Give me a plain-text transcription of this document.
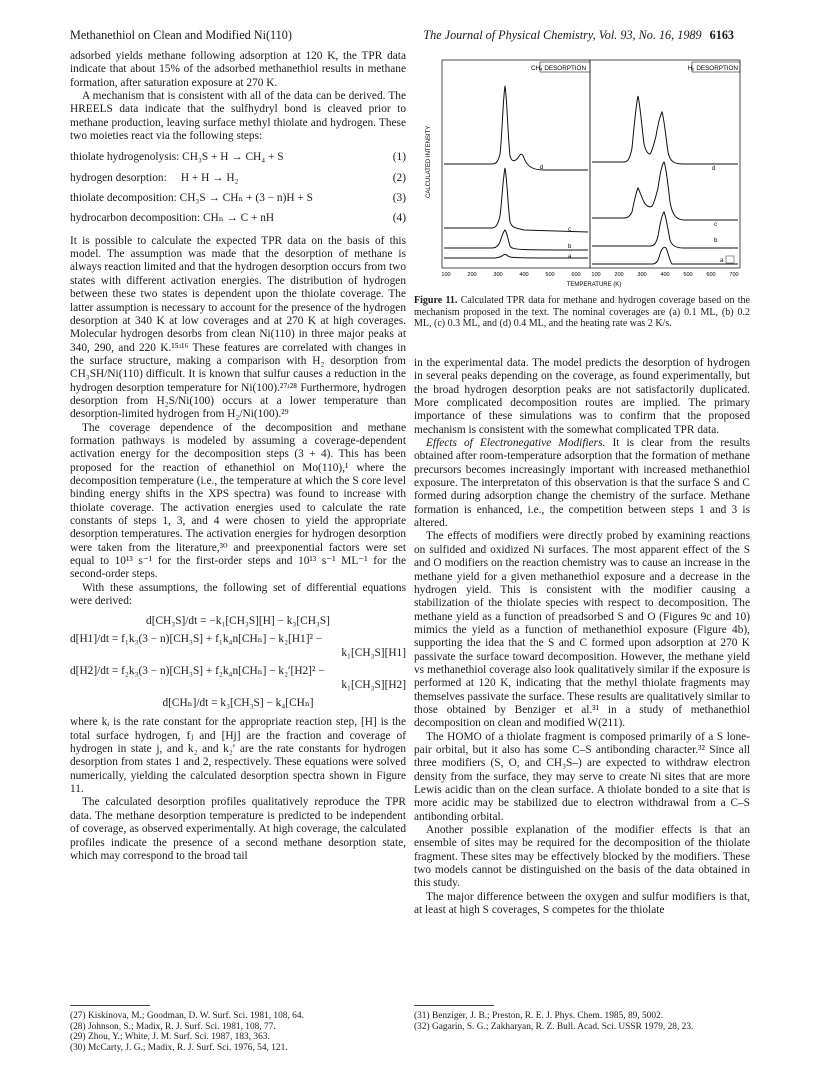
Methanethiol on Clean and Modified Ni(110)	The Journal of Physical Chemistry, Vol. 93, No. 16, 1989 6163

adsorbed yields methane following adsorption at 120 K, the TPR data indicate that about 15% of the adsorbed methanethiol results in methane formation, after saturation exposure at 270 K.

A mechanism that is consistent with all of the data can be derived. The HREELS data indicate that the sulfhydryl bond is cleaved prior to methane production, leaving surface methyl thiolate and hydrogen. These two moieties react via the following steps:

thiolate hydrogenolysis: CH₃S + H → CH₄ + S	(1)
hydrogen desorption:  H + H → H₂	(2)
thiolate decomposition: CH₃S → CHₙ + (3 − n)H + S	(3)
hydrocarbon decomposition: CHₙ → C + nH	(4)

It is possible to calculate the expected TPR data on the basis of this model. The assumption was made that the desorption of methane is always reaction limited and that the hydrogen desorption occurs from two states with different activation energies. The distribution of hydrogen between these two states is dependent upon the thiolate coverage. The latter assumption is necessary to account for the presence of the hydrogen desorption at 340 K at low coverages and at 270 K at high coverages. Molecular hydrogen desorbs from clean Ni(110) in three major peaks at 340, 290, and 220 K.¹⁵ʴ¹⁶ These features are correlated with changes in the surface structure, making a comparison with H₂ desorption from CH₃SH/Ni(110) difficult. It is known that sulfur causes a reduction in the hydrogen desorption temperature for Ni(100).²⁷ʴ²⁸ Furthermore, hydrogen desorption from H₂S/Ni(100) occurs at a lower temperature than desorption-limited hydrogen from H₂/Ni(100).²⁹

The coverage dependence of the decomposition and methane formation pathways is modeled by assuming a coverage-dependent activation energy for the decomposition steps (3 + 4). This has been proposed for the reaction of ethanethiol on Mo(110),¹ where the decomposition temperature (i.e., the temperature at which the S core level binding energy shifts in the XPS spectra) was found to increase with thiolate coverage. The activation energies used to calculate the rate constants of steps 1, 3, and 4 were chosen to yield the appropriate desorption temperatures. The activation energies for hydrogen desorption were taken from the literature,³⁰ and preexponential factors were set equal to 10¹³ s⁻¹ for the first-order steps and 10¹³ s⁻¹ ML⁻¹ for the second-order steps.

With these assumptions, the following set of differential equations were derived:

d[CH₃S]/dt = −k₁[CH₃S][H] − k₃[CH₃S]
d[H1]/dt = f₁k₃(3 − n)[CH₃S] + f₁k₄n[CHₙ] − k₂[H1]² −
k₁[CH₃S][H1]
d[H2]/dt = f₂k₃(3 − n)[CH₃S] + f₂k₄n[CHₙ] − k₂′[H2]² −
k₁[CH₃S][H2]
d[CHₙ]/dt = k₃[CH₃S] − k₄[CHₙ]

where kᵢ is the rate constant for the appropriate reaction step, [H] is the total surface hydrogen, fⱼ and [Hj] are the fraction and coverage of hydrogen in state j, and k₂ and k₂′ are the rate constants for hydrogen desorption from states 1 and 2, respectively. These equations were solved numerically, yielding the calculated desorption spectra shown in Figure 11.

The calculated desorption profiles qualitatively reproduce the TPR data. The methane desorption temperature is predicted to be independent of coverage, as observed experimentally. At high coverage, the calculated profiles indicate the presence of a second methane desorption state, which may correspond to the broad tail

CH₄ DESORPTION	H₂ DESORPTION
CALCULATED INTENSITY	d
c
b
a
d
c
b
a
100	200	300	400	500	600 100 200 300 400 500 600 700
TEMPERATURE (K)
Figure 11. Calculated TPR data for methane and hydrogen coverage based on the mechanism proposed in the text. The nominal coverages are (a) 0.1 ML, (b) 0.2 ML, (c) 0.3 ML, and (d) 0.4 ML, and the heating rate was 2 K/s.

in the experimental data. The model predicts the desorption of hydrogen in several peaks depending on the coverage, as found experimentally, but the broad hydrogen desorption peaks are not satisfactorily duplicated. More complicated decomposition routes are implied. The primary importance of these simulations was to confirm that the proposed mechanism is consistent with the somewhat complicated TPR data.

Effects of Electronegative Modifiers. It is clear from the results obtained after room-temperature adsorption that the formation of methane precursors becomes increasingly important with increased methanethiol exposure. The interpretaton of this observation is that the surface S and C formed during adsorption change the chemistry of the surface. Methane formation is enhanced, i.e., the competition between steps 1 and 3 is altered.

The effects of modifiers were directly probed by examining reactions on sulfided and oxidized Ni surfaces. The most apparent effect of the S and O modifiers on the reaction chemistry was to cause an increase in the methane yield for a given methanethiol exposure and a decrease in the hydrogen yield. This is consistent with the modifier causing a stabilization of the thiolate species with respect to decomposition. The methane yield as a function of preadsorbed S and O (Figures 9c and 10) mimics the yield as a function of methanethiol exposure (Figure 4b), supporting the idea that the S and C formed upon adsorption at 270 K passivate the surface toward decomposition. However, the methane yield vs methanethiol coverage also look qualitatively similar if the exposure is performed at 120 K, indicating that the methyl thiolate fragments may themselves passivate the surface. These results are qualitatively similar to those obtained by Benziger et al.³¹ in a study of methanethiol decomposition on clean and modified W(211).

The HOMO of a thiolate fragment is composed primarily of a S lone-pair orbital, but it also has some C–S antibonding character.³² Since all three modifiers (S, O, and CH₃S–) are expected to withdraw electron density from the surface, they may serve to create Ni sites that are more Lewis acidic than on the clean surface. A thiolate bonded to a site that is more acidic may be stabilized due to electron withdrawal from a C–S antibonding orbital.

Another possible explanation of the modifier effects is that an ensemble of sites may be required for the decomposition of the thiolate fragment. These sites may be effectively blocked by the modifiers. These two models cannot be distinguished on the basis of the data obtained in this study.

The major difference between the oxygen and sulfur modifiers is that, at least at high S coverages, S competes for the thiolate

(27) Kiskinova, M.; Goodman, D. W. Surf. Sci. 1981, 108, 64.
(28) Johnson, S.; Madix, R. J. Surf. Sci. 1981, 108, 77.
(29) Zhou, Y.; White, J. M. Surf. Sci. 1987, 183, 363.
(30) McCarty, J. G.; Madix, R. J. Surf. Sci. 1976, 54, 121.
(31) Benziger, J. B.; Preston, R. E. J. Phys. Chem. 1985, 89, 5002.
(32) Gagarin, S. G.; Zakharyan, R. Z. Bull. Acad. Sci. USSR 1979, 28, 23.
